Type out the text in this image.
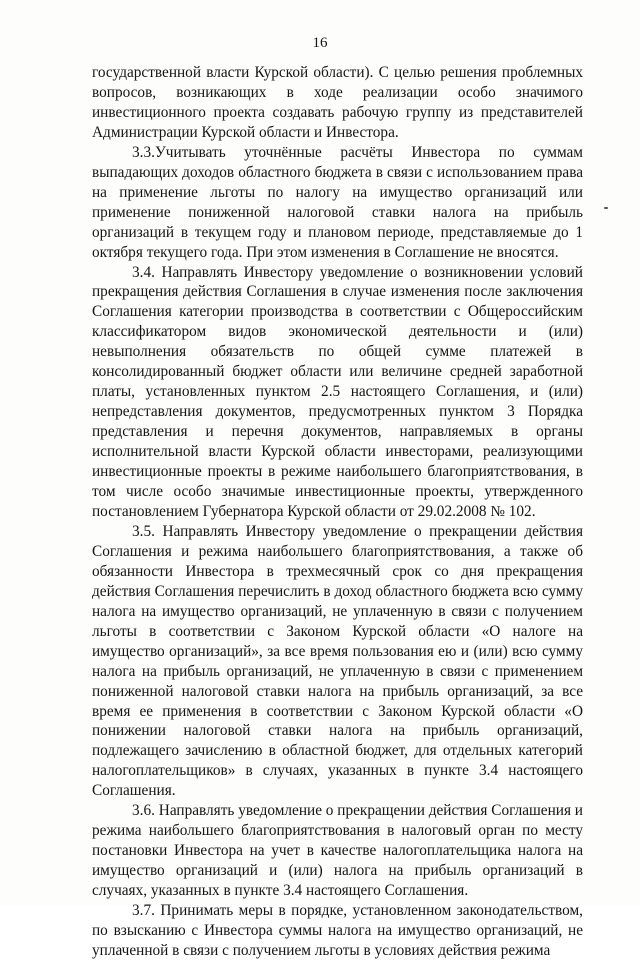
16

государственной власти Курской области). С целью решения проблемных вопросов, возникающих в ходе реализации особо значимого инвестиционного проекта создавать рабочую группу из представителей Администрации Курской области и Инвестора.

3.3.Учитывать уточнённые расчёты Инвестора по суммам выпадающих доходов областного бюджета в связи с использованием права на применение льготы по налогу на имущество организаций или применение пониженной налоговой ставки налога на прибыль организаций в текущем году и плановом периоде, представляемые до 1 октября текущего года. При этом изменения в Соглашение не вносятся.

3.4. Направлять Инвестору уведомление о возникновении условий прекращения действия Соглашения в случае изменения после заключения Соглашения категории производства в соответствии с Общероссийским классификатором видов экономической деятельности и (или) невыполнения обязательств по общей сумме платежей в консолидированный бюджет области или величине средней заработной платы, установленных пунктом 2.5 настоящего Соглашения, и (или) непредставления документов, предусмотренных пунктом 3 Порядка представления и перечня документов, направляемых в органы исполнительной власти Курской области инвесторами, реализующими инвестиционные проекты в режиме наибольшего благоприятствования, в том числе особо значимые инвестиционные проекты, утвержденного постановлением Губернатора Курской области от 29.02.2008 № 102.

3.5. Направлять Инвестору уведомление о прекращении действия Соглашения и режима наибольшего благоприятствования, а также об обязанности Инвестора в трехмесячный срок со дня прекращения действия Соглашения перечислить в доход областного бюджета всю сумму налога на имущество организаций, не уплаченную в связи с получением льготы в соответствии с Законом Курской области «О налоге на имущество организаций», за все время пользования ею и (или) всю сумму налога на прибыль организаций, не уплаченную в связи с применением пониженной налоговой ставки налога на прибыль организаций, за все время ее применения в соответствии с Законом Курской области «О понижении налоговой ставки налога на прибыль организаций, подлежащего зачислению в областной бюджет, для отдельных категорий налогоплательщиков» в случаях, указанных в пункте 3.4 настоящего Соглашения.

3.6. Направлять уведомление о прекращении действия Соглашения и режима наибольшего благоприятствования в налоговый орган по месту постановки Инвестора на учет в качестве налогоплательщика налога на имущество организаций и (или) налога на прибыль организаций в случаях, указанных в пункте 3.4 настоящего Соглашения.

3.7. Принимать меры в порядке, установленном законодательством, по взысканию с Инвестора суммы налога на имущество организаций, не уплаченной в связи с получением льготы в условиях действия режима
